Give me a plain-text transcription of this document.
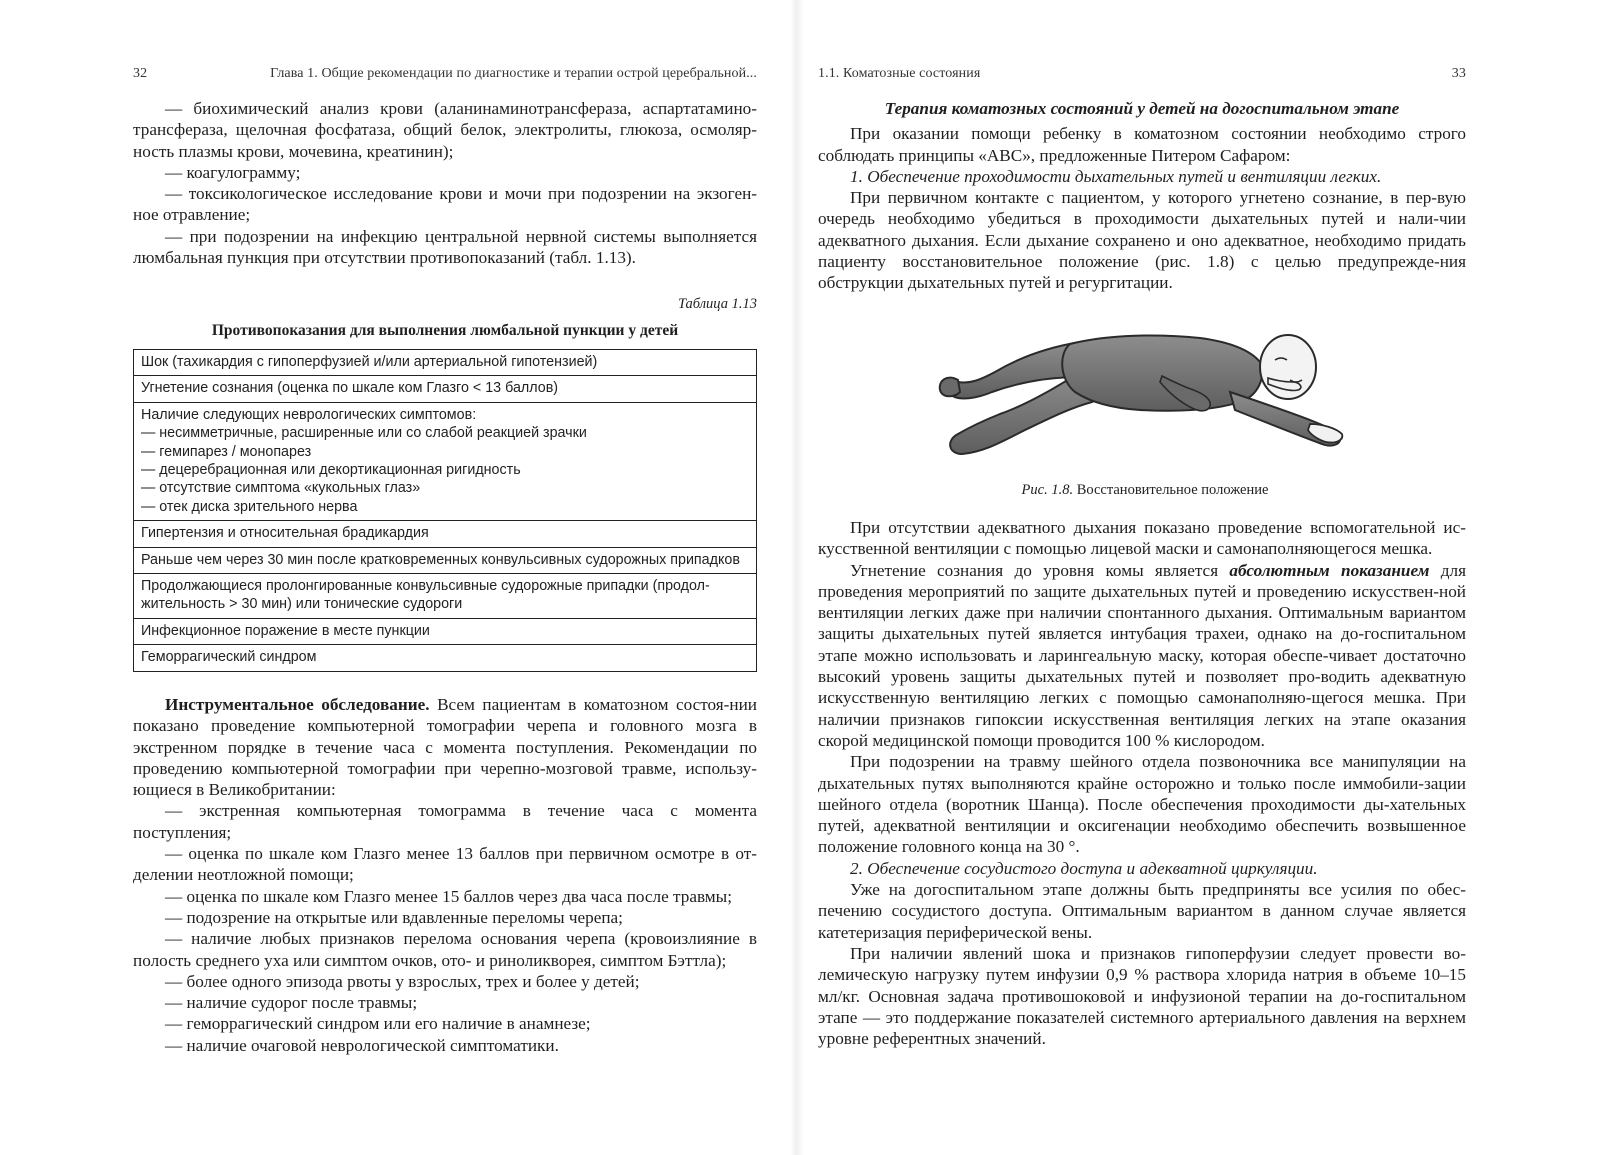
32	Глава 1. Общие рекомендации по диагностике и терапии острой церебральной...

— биохимический анализ крови (аланинаминотрансфераза, аспартатамино-трансфераза, щелочная фосфатаза, общий белок, электролиты, глюкоза, осмоляр-ность плазмы крови, мочевина, креатинин);

— коагулограмму;

— токсикологическое исследование крови и мочи при подозрении на экзоген-ное отравление;

— при подозрении на инфекцию центральной нервной системы выполняется люмбальная пункция при отсутствии противопоказаний (табл. 1.13).

Таблица 1.13
Противопоказания для выполнения люмбальной пункции у детей
Шок (тахикардия с гипоперфузией и/или артериальной гипотензией)
Угнетение сознания (оценка по шкале ком Глазго < 13 баллов)
Наличие следующих неврологических симптомов:
— несимметричные, расширенные или со слабой реакцией зрачки
— гемипарез / монопарез
— децеребрационная или декортикационная ригидность
— отсутствие симптома «кукольных глаз»
— отек диска зрительного нерва
Гипертензия и относительная брадикардия
Раньше чем через 30 мин после кратковременных конвульсивных судорожных припадков
Продолжающиеся пролонгированные конвульсивные судорожные припадки (продол-
жительность > 30 мин) или тонические судороги
Инфекционное поражение в месте пункции
Геморрагический синдром

Инструментальное обследование. Всем пациентам в коматозном состоя-нии показано проведение компьютерной томографии черепа и головного мозга в экстренном порядке в течение часа с момента поступления. Рекомендации по проведению компьютерной томографии при черепно-мозговой травме, использу-ющиеся в Великобритании:

— экстренная компьютерная томограмма в течение часа с момента поступления;

— оценка по шкале ком Глазго менее 13 баллов при первичном осмотре в от-делении неотложной помощи;

— оценка по шкале ком Глазго менее 15 баллов через два часа после травмы;

— подозрение на открытые или вдавленные переломы черепа;

— наличие любых признаков перелома основания черепа (кровоизлияние в полость среднего уха или симптом очков, ото- и риноликворея, симптом Бэттла);

— более одного эпизода рвоты у взрослых, трех и более у детей;

— наличие судорог после травмы;

— геморрагический синдром или его наличие в анамнезе;

— наличие очаговой неврологической симптоматики.

1.1. Коматозные состояния	33

Терапия коматозных состояний у детей на догоспитальном этапе

При оказании помощи ребенку в коматозном состоянии необходимо строго соблюдать принципы «АВС», предложенные Питером Сафаром:

1. Обеспечение проходимости дыхательных путей и вентиляции легких.

При первичном контакте с пациентом, у которого угнетено сознание, в пер-вую очередь необходимо убедиться в проходимости дыхательных путей и нали-чии адекватного дыхания. Если дыхание сохранено и оно адекватное, необходимо придать пациенту восстановительное положение (рис. 1.8) с целью предупрежде-ния обструкции дыхательных путей и регургитации.

Рис. 1.8. Восстановительное положение

При отсутствии адекватного дыхания показано проведение вспомогательной ис-кусственной вентиляции с помощью лицевой маски и самонаполняющегося мешка.

Угнетение сознания до уровня комы является абсолютным показанием для проведения мероприятий по защите дыхательных путей и проведению искусствен-ной вентиляции легких даже при наличии спонтанного дыхания. Оптимальным вариантом защиты дыхательных путей является интубация трахеи, однако на до-госпитальном этапе можно использовать и ларингеальную маску, которая обеспе-чивает достаточно высокий уровень защиты дыхательных путей и позволяет про-водить адекватную искусственную вентиляцию легких с помощью самонаполняю-щегося мешка. При наличии признаков гипоксии искусственная вентиляция легких на этапе оказания скорой медицинской помощи проводится 100 % кислородом.

При подозрении на травму шейного отдела позвоночника все манипуляции на дыхательных путях выполняются крайне осторожно и только после иммобили-зации шейного отдела (воротник Шанца). После обеспечения проходимости ды-хательных путей, адекватной вентиляции и оксигенации необходимо обеспечить возвышенное положение головного конца на 30 °.

2. Обеспечение сосудистого доступа и адекватной циркуляции.

Уже на догоспитальном этапе должны быть предприняты все усилия по обес-печению сосудистого доступа. Оптимальным вариантом в данном случае является катетеризация периферической вены.

При наличии явлений шока и признаков гипоперфузии следует провести во-лемическую нагрузку путем инфузии 0,9 % раствора хлорида натрия в объеме 10–15 мл/кг. Основная задача противошоковой и инфузионой терапии на до-госпитальном этапе — это поддержание показателей системного артериального давления на верхнем уровне референтных значений.
